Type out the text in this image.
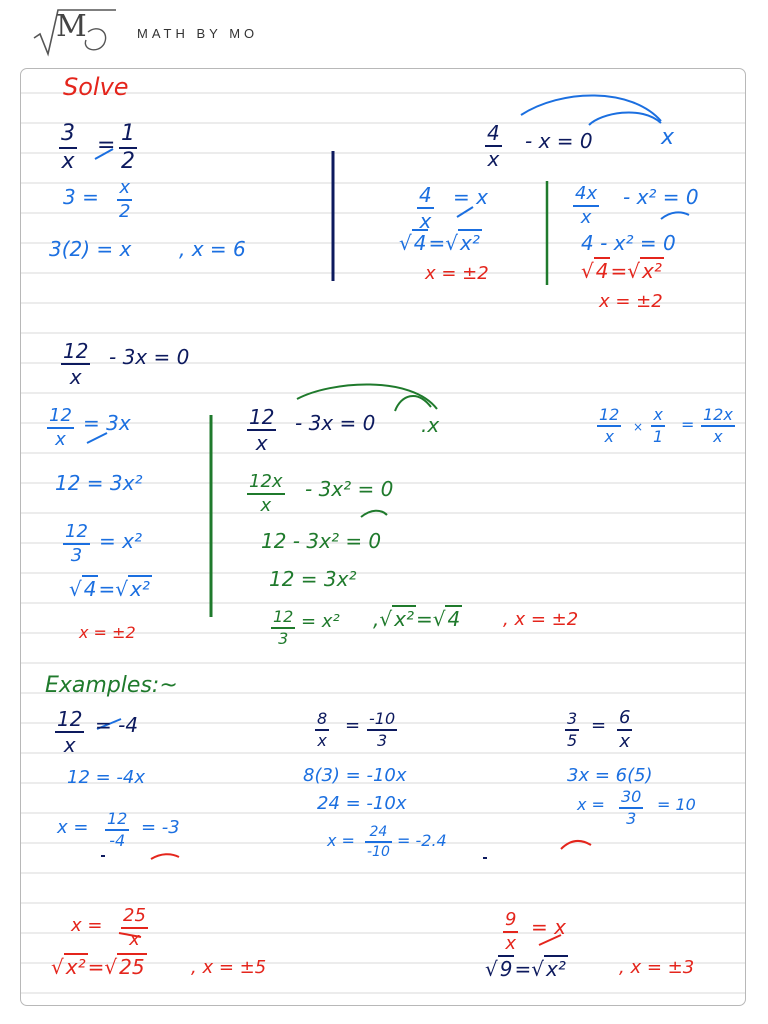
M	MATH BY MO
Solve
$\frac{3}{x} = \frac{1}{2}$
$3 = \frac{x}{2}$
3(2) = x , x = 6
$\frac{4}{x} - x = 0$	x
$\frac{4}{x} = x$
√ 4 =√ x²
x = ±2
$\frac{4x}{x} - x^2 = 0$
4 - x² = 0
√ 4 =√ x²
x = ±2
$\frac{12}{x} - 3x = 0$
$\frac{12}{x} = 3x$
12 = 3x²
$\frac{12}{3} = x^2$
√ 4 =√ x²
x = ±2
$\frac{12}{x} - 3x = 0$ .x
$\frac{12x}{x} - 3x^2 = 0$
12 - 3x² = 0
12 = 3x²
$\frac{12}{3} = x^2$ ,√ x² =√ 4 , x = ±2
$\frac{12}{x} \times \frac{x}{1} = \frac{12x}{x}$
Examples:~
$\frac{12}{x} = -4$
12 = -4x
$x = \frac{12}{-4} = -3$
$\frac{8}{x} = \frac{-10}{3}$
8(3) = -10x
24 = -10x
$x = \frac{24}{-10} = -2.4$
$\frac{3}{5} = \frac{6}{x}$
3x = 6(5)
$x = \frac{30}{3} = 10$
$x = \frac{25}{x}$
√ x² =√ 25	, x = ±5
$\frac{9}{x} = x$
√ 9 =√ x²	, x = ±3
